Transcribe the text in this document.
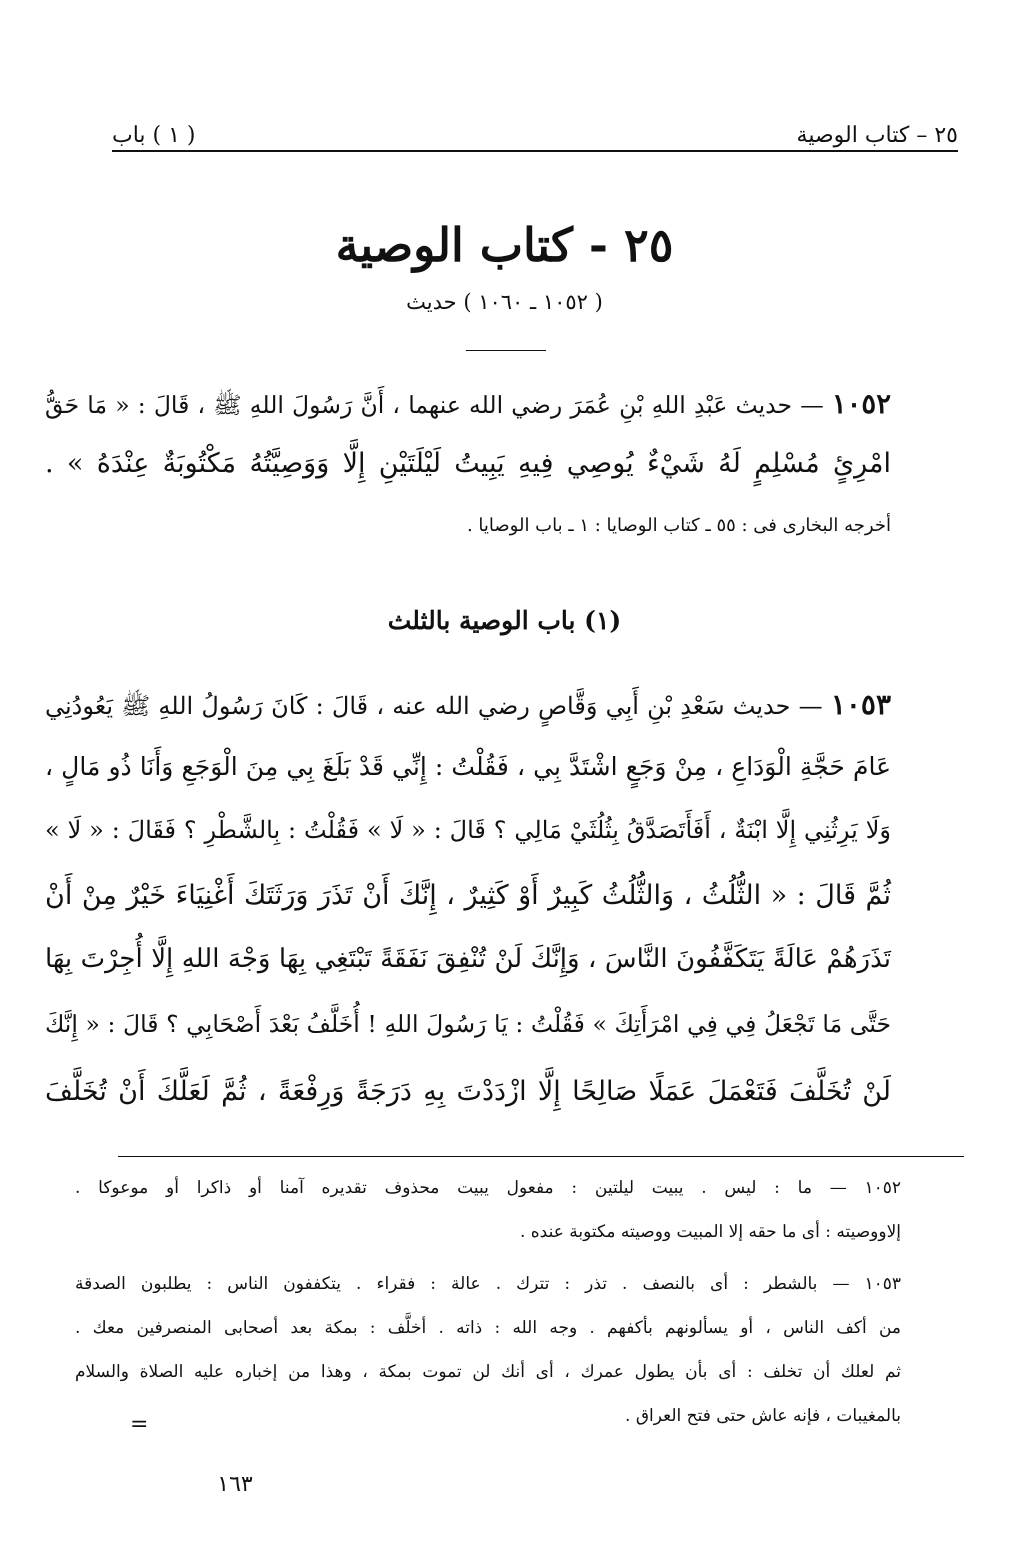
٢٥ – كتاب الوصية
( ١ ) باب
٢٥ - كتاب الوصية
( ١٠٥٢ ـ ١٠٦٠ ) حديث
١٠٥٢ — حديث عَبْدِ اللهِ بْنِ عُمَرَ رضي الله عنهما ، أَنَّ رَسُولَ اللهِ ﷺ ، قَالَ : « مَا حَقُّ
امْرِئٍ مُسْلِمٍ لَهُ شَيْءٌ يُوصِي فِيهِ يَبِيتُ لَيْلَتَيْنِ إِلَّا وَوَصِيَّتُهُ مَكْتُوبَةٌ عِنْدَهُ » .
أخرجه البخارى فى : ٥٥ ـ كتاب الوصايا : ١ ـ باب الوصايا .
(١) باب الوصية بالثلث
١٠٥٣ — حديث سَعْدِ بْنِ أَبِي وَقَّاصٍ رضي الله عنه ، قَالَ : كَانَ رَسُولُ اللهِ ﷺ يَعُودُنِي
عَامَ حَجَّةِ الْوَدَاعِ ، مِنْ وَجَعٍ اشْتَدَّ بِي ، فَقُلْتُ : إِنِّي قَدْ بَلَغَ بِي مِنَ الْوَجَعِ وَأَنَا ذُو مَالٍ ،
وَلَا يَرِثُنِي إِلَّا ابْنَةٌ ، أَفَأَتَصَدَّقُ بِثُلُثَيْ مَالِي ؟ قَالَ : « لَا » فَقُلْتُ : بِالشَّطْرِ ؟ فَقَالَ : « لَا »
ثُمَّ قَالَ : « الثُّلُثُ ، وَالثُّلُثُ كَبِيرٌ أَوْ كَثِيرٌ ، إِنَّكَ أَنْ تَذَرَ وَرَثَتَكَ أَغْنِيَاءَ خَيْرٌ مِنْ أَنْ
تَذَرَهُمْ عَالَةً يَتَكَفَّفُونَ النَّاسَ ، وَإِنَّكَ لَنْ تُنْفِقَ نَفَقَةً تَبْتَغِي بِهَا وَجْهَ اللهِ إِلَّا أُجِرْتَ بِهَا
حَتَّى مَا تَجْعَلُ فِي فِي امْرَأَتِكَ » فَقُلْتُ : يَا رَسُولَ اللهِ ! أُخَلَّفُ بَعْدَ أَصْحَابِي ؟ قَالَ : « إِنَّكَ
لَنْ تُخَلَّفَ فَتَعْمَلَ عَمَلًا صَالِحًا إِلَّا ازْدَدْتَ بِهِ دَرَجَةً وَرِفْعَةً ، ثُمَّ لَعَلَّكَ أَنْ تُخَلَّفَ
١٠٥٢ — ما : ليس . يبيت ليلتين : مفعول يبيت محذوف تقديره آمنا أو ذاكرا أو موعوكا .
إلاووصيته : أى ما حقه إلا المبيت ووصيته مكتوبة عنده .
١٠٥٣ — بالشطر : أى بالنصف . تذر : تترك . عالة : فقراء . يتكففون الناس : يطلبون الصدقة
من أكف الناس ، أو يسألونهم بأكفهم . وجه الله : ذاته . أخلَّف : بمكة بعد أصحابى المنصرفين معك .
ثم لعلك أن تخلف : أى بأن يطول عمرك ، أى أنك لن تموت بمكة ، وهذا من إخباره عليه الصلاة والسلام
بالمغيبات ، فإنه عاش حتى فتح العراق .
=
١٦٣
